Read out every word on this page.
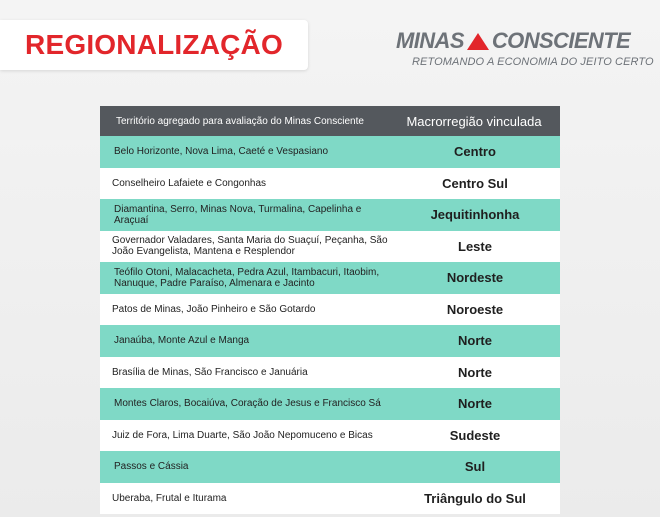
REGIONALIZAÇÃO	MINAS CONSCIENTE
RETOMANDO A ECONOMIA DO JEITO CERTO
Território agregado para avaliação do Minas Consciente	Macrorregião vinculada
Belo Horizonte, Nova Lima, Caeté e Vespasiano	Centro
Conselheiro Lafaiete e Congonhas	Centro Sul
Diamantina, Serro, Minas Nova, Turmalina, Capelinha e Araçuaí	Jequitinhonha
Governador Valadares, Santa Maria do Suaçuí, Peçanha, São João Evangelista, Mantena e Resplendor	Leste
Teófilo Otoni, Malacacheta, Pedra Azul, Itambacuri, Itaobim, Nanuque, Padre Paraíso, Almenara e Jacinto	Nordeste
Patos de Minas, João Pinheiro e São Gotardo	Noroeste
Janaúba, Monte Azul e Manga	Norte
Brasília de Minas, São Francisco e Januária	Norte
Montes Claros, Bocaiúva, Coração de Jesus e Francisco Sá	Norte
Juiz de Fora, Lima Duarte, São João Nepomuceno e Bicas	Sudeste
Passos e Cássia	Sul
Uberaba, Frutal e Iturama	Triângulo do Sul
